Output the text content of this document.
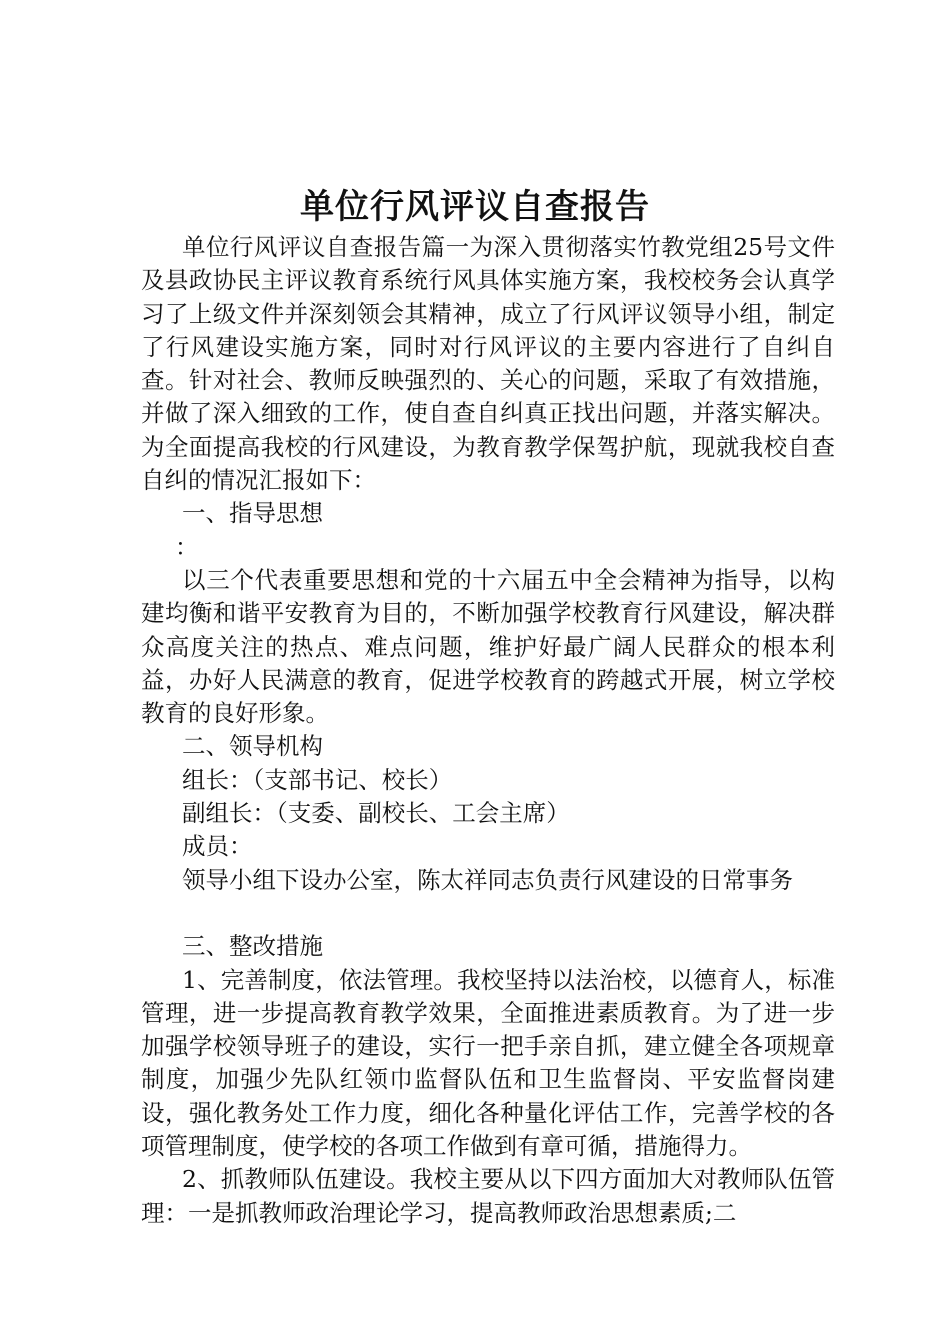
单位行风评议自查报告

单位行风评议自查报告篇一为深入贯彻落实竹教党组25号文件及县政协民主评议教育系统行风具体实施方案，我校校务会认真学习了上级文件并深刻领会其精神，成立了行风评议领导小组，制定了行风建设实施方案，同时对行风评议的主要内容进行了自纠自查。针对社会、教师反映强烈的、关心的问题，采取了有效措施，并做了深入细致的工作，使自查自纠真正找出问题，并落实解决。为全面提高我校的行风建设，为教育教学保驾护航，现就我校自查自纠的情况汇报如下：

一、指导思想

：

以三个代表重要思想和党的十六届五中全会精神为指导，以构建均衡和谐平安教育为目的，不断加强学校教育行风建设，解决群众高度关注的热点、难点问题，维护好最广阔人民群众的根本利益，办好人民满意的教育，促进学校教育的跨越式开展，树立学校教育的良好形象。

二、领导机构

组长：（支部书记、校长）

副组长：（支委、副校长、工会主席）

成员：

领导小组下设办公室，陈太祥同志负责行风建设的日常事务

三、整改措施

1、完善制度，依法管理。我校坚持以法治校，以德育人，标准管理，进一步提高教育教学效果，全面推进素质教育。为了进一步加强学校领导班子的建设，实行一把手亲自抓，建立健全各项规章制度，加强少先队红领巾监督队伍和卫生监督岗、平安监督岗建设，强化教务处工作力度，细化各种量化评估工作，完善学校的各项管理制度，使学校的各项工作做到有章可循，措施得力。

2、抓教师队伍建设。我校主要从以下四方面加大对教师队伍管理：一是抓教师政治理论学习，提高教师政治思想素质;二
